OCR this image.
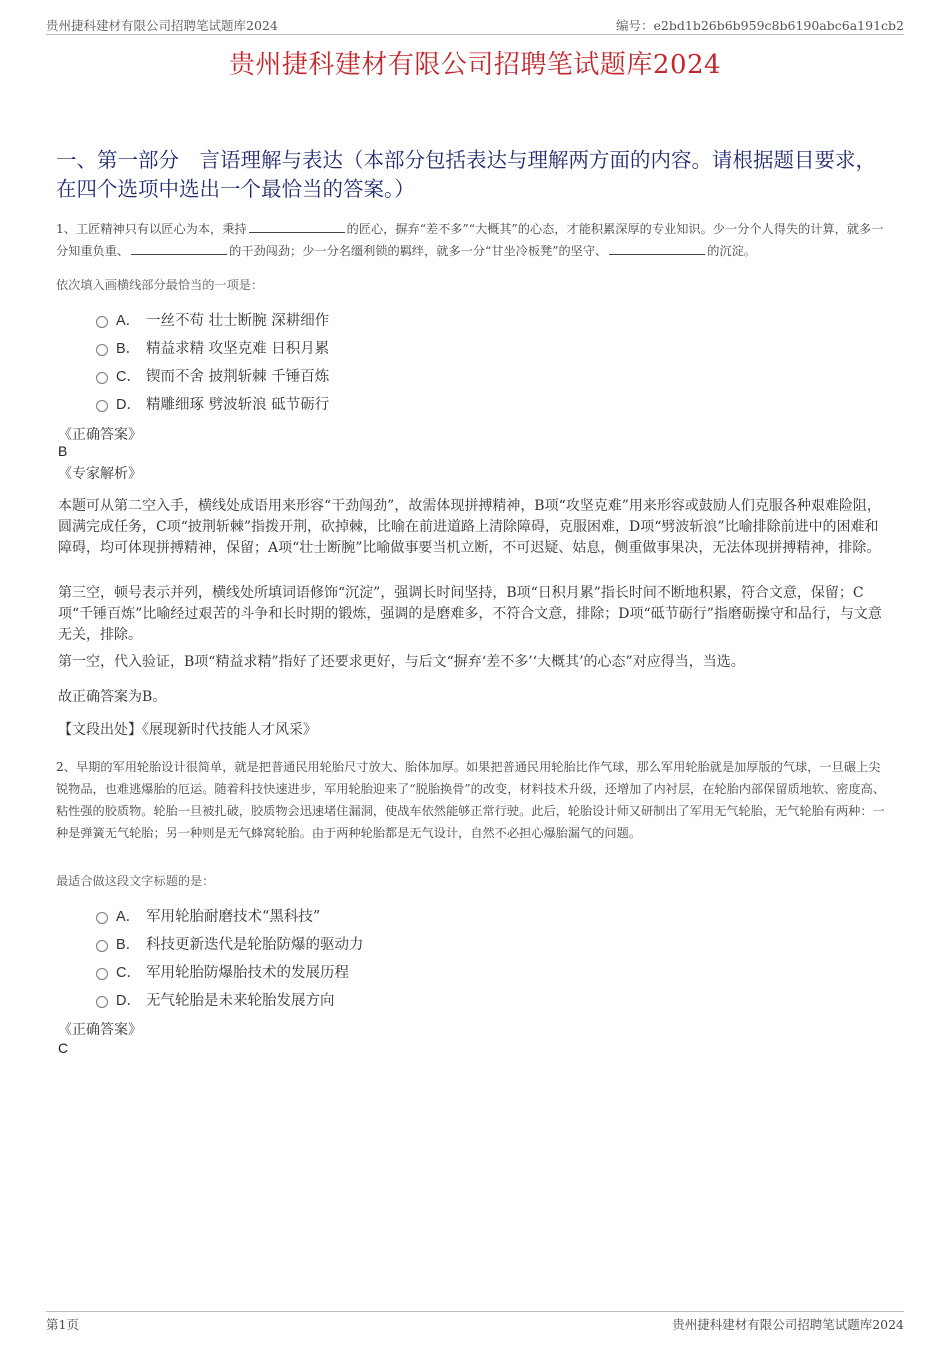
贵州捷科建材有限公司招聘笔试题库2024	编号：e2bd1b26b6b959c8b6190abc6a191cb2
贵州捷科建材有限公司招聘笔试题库2024
一、第一部分　言语理解与表达（本部分包括表达与理解两方面的内容。请根据题目要求，在四个选项中选出一个最恰当的答案。）
1、工匠精神只有以匠心为本，秉持	的匠心，摒弃“差不多”“大概其”的心态，才能积累深厚的专业知识。少一分个人得失的计算，就多一分知重负重、	的干劲闯劲；少一分名缰利锁的羁绊，就多一分“甘坐冷板凳”的坚守、	的沉淀。
依次填入画横线部分最恰当的一项是：
A． 一丝不苟 壮士断腕 深耕细作
B． 精益求精 攻坚克难 日积月累
C． 锲而不舍 披荆斩棘 千锤百炼
D． 精雕细琢 劈波斩浪 砥节砺行
《正确答案》
B
《专家解析》
本题可从第二空入手，横线处成语用来形容“干劲闯劲”，故需体现拼搏精神，B项“攻坚克难”用来形容或鼓励人们克服各种艰难险阻，圆满完成任务，C项“披荆斩棘”指拨开荆，砍掉棘，比喻在前进道路上清除障碍，克服困难，D项“劈波斩浪”比喻排除前进中的困难和障碍，均可体现拼搏精神，保留；A项“壮士断腕”比喻做事要当机立断，不可迟疑、姑息，侧重做事果决，无法体现拼搏精神，排除。
第三空，顿号表示并列，横线处所填词语修饰“沉淀”，强调长时间坚持，B项“日积月累”指长时间不断地积累，符合文意，保留；C项“千锤百炼”比喻经过艰苦的斗争和长时期的锻炼，强调的是磨难多，不符合文意，排除；D项“砥节砺行”指磨砺操守和品行，与文意无关，排除。
第一空，代入验证，B项“精益求精”指好了还要求更好，与后文“摒弃‘差不多’‘大概其’的心态”对应得当，当选。
故正确答案为B。
【文段出处】《展现新时代技能人才风采》
2、早期的军用轮胎设计很简单，就是把普通民用轮胎尺寸放大、胎体加厚。如果把普通民用轮胎比作气球，那么军用轮胎就是加厚版的气球，一旦碾上尖锐物品，也难逃爆胎的厄运。随着科技快速进步，军用轮胎迎来了“脱胎换骨”的改变，材料技术升级，还增加了内衬层，在轮胎内部保留质地软、密度高、粘性强的胶质物。轮胎一旦被扎破，胶质物会迅速堵住漏洞，使战车依然能够正常行驶。此后，轮胎设计师又研制出了军用无气轮胎，无气轮胎有两种：一种是弹簧无气轮胎；另一种则是无气蜂窝轮胎。由于两种轮胎都是无气设计，自然不必担心爆胎漏气的问题。
最适合做这段文字标题的是：
A． 军用轮胎耐磨技术“黑科技”
B． 科技更新迭代是轮胎防爆的驱动力
C． 军用轮胎防爆胎技术的发展历程
D． 无气轮胎是未来轮胎发展方向
《正确答案》
C
第1页	贵州捷科建材有限公司招聘笔试题库2024
